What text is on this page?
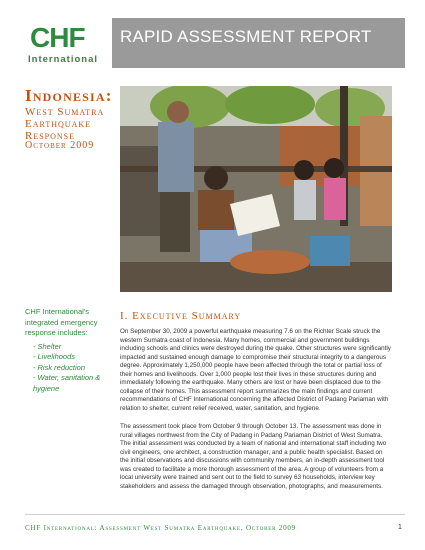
CHF
International
RAPID ASSESSMENT REPORT
Indonesia:
West Sumatra Earthquake Response
October 2009
CHF International's integrated emergency response includes:
- Shelter
- Livelihoods
- Risk reduction
- Water, sanitation & hygiene
I. Executive Summary
On September 30, 2009 a powerful earthquake measuring 7.6 on the Richter Scale struck the western Sumatra coast of Indonesia. Many homes, commercial and government buildings including schools and clinics were destroyed during the quake. Other structures were significantly impacted and sustained enough damage to compromise their structural integrity to a dangerous degree. Approximately 1,250,000 people have been affected through the total or partial loss of their homes and livelihoods. Over 1,000 people lost their lives in these structures during and immediately following the earthquake. Many others are lost or have been displaced due to the collapse of their homes. This assessment report summarizes the main findings and current recommendations of CHF International concerning the affected District of Padang Pariaman with relation to shelter, current relief received, water, sanitation, and hygiene.
The assessment took place from October 9 through October 13. The assessment was done in rural villages northwest from the City of Padang in Padang Pariaman District of West Sumatra. The initial assessment was conducted by a team of national and international staff including two civil engineers, one architect, a construction manager, and a public health specialist. Based on the initial observations and discussions with community members, an in-depth assessment tool was created to facilitate a more thorough assessment of the area. A group of volunteers from a local university were trained and sent out to the field to survey 63 households, interview key stakeholders and assess the damaged through observation, photographs, and measurements.
CHF International: Assessment West Sumatra Earthquake, October 2009	1
